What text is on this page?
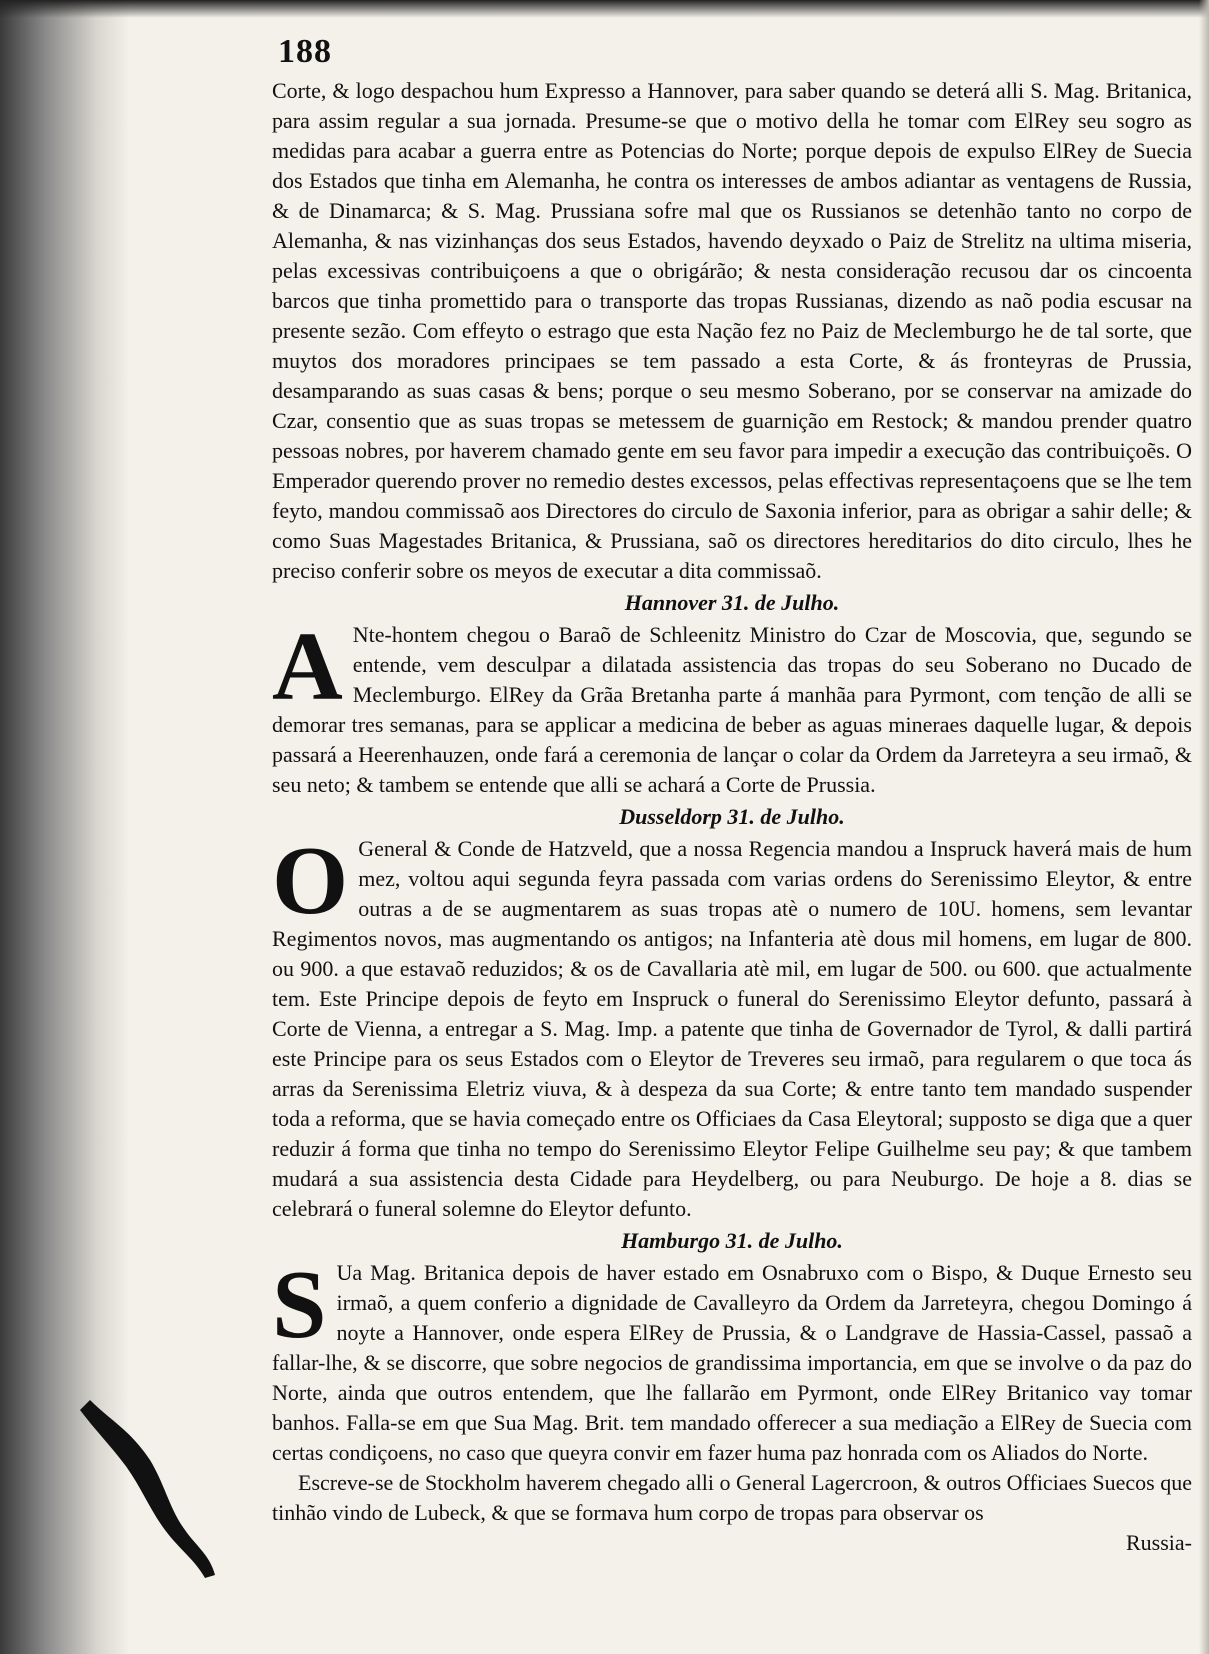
188

Corte, & logo despachou hum Expresso a Hannover, para saber quando se deterá alli S. Mag. Britanica, para assim regular a sua jornada. Presume-se que o motivo della he tomar com ElRey seu sogro as medidas para acabar a guerra entre as Potencias do Norte; porque depois de expulso ElRey de Suecia dos Estados que tinha em Alemanha, he contra os interesses de ambos adiantar as ventagens de Russia, & de Dinamarca; & S. Mag. Prussiana sofre mal que os Russianos se detenhão tanto no corpo de Alemanha, & nas vizinhanças dos seus Estados, havendo deyxado o Paiz de Strelitz na ultima miseria, pelas excessivas contribuiçoens a que o obrigárão; & nesta consideração recusou dar os cincoenta barcos que tinha promettido para o transporte das tropas Russianas, dizendo as naõ podia escusar na presente sezão. Com effeyto o estrago que esta Nação fez no Paiz de Meclemburgo he de tal sorte, que muytos dos moradores principaes se tem passado a esta Corte, & ás fronteyras de Prussia, desamparando as suas casas & bens; porque o seu mesmo Soberano, por se conservar na amizade do Czar, consentio que as suas tropas se metessem de guarnição em Restock; & mandou prender quatro pessoas nobres, por haverem chamado gente em seu favor para impedir a execução das contribuiçoẽs. O Emperador querendo prover no remedio destes excessos, pelas effectivas representaçoens que se lhe tem feyto, mandou commissaõ aos Directores do circulo de Saxonia inferior, para as obrigar a sahir delle; & como Suas Magestades Britanica, & Prussiana, saõ os directores hereditarios do dito circulo, lhes he preciso conferir sobre os meyos de executar a dita commissaõ.

Hannover 31. de Julho.

A Nte-hontem chegou o Baraõ de Schleenitz Ministro do Czar de Moscovia, que, segundo se entende, vem desculpar a dilatada assistencia das tropas do seu Soberano no Ducado de Meclemburgo. ElRey da Grãa Bretanha parte á manhãa para Pyrmont, com tenção de alli se demorar tres semanas, para se applicar a medicina de beber as aguas mineraes daquelle lugar, & depois passará a Heerenhauzen, onde fará a ceremonia de lançar o colar da Ordem da Jarreteyra a seu irmaõ, & seu neto; & tambem se entende que alli se achará a Corte de Prussia.

Dusseldorp 31. de Julho.

O General & Conde de Hatzveld, que a nossa Regencia mandou a Inspruck haverá mais de hum mez, voltou aqui segunda feyra passada com varias ordens do Serenissimo Eleytor, & entre outras a de se augmentarem as suas tropas atè o numero de 10U. homens, sem levantar Regimentos novos, mas augmentando os antigos; na Infanteria atè dous mil homens, em lugar de 800. ou 900. a que estavaõ reduzidos; & os de Cavallaria atè mil, em lugar de 500. ou 600. que actualmente tem. Este Principe depois de feyto em Inspruck o funeral do Serenissimo Eleytor defunto, passará à Corte de Vienna, a entregar a S. Mag. Imp. a patente que tinha de Governador de Tyrol, & dalli partirá este Principe para os seus Estados com o Eleytor de Treveres seu irmaõ, para regularem o que toca ás arras da Serenissima Eletriz viuva, & à despeza da sua Corte; & entre tanto tem mandado suspender toda a reforma, que se havia começado entre os Officiaes da Casa Eleytoral; supposto se diga que a quer reduzir á forma que tinha no tempo do Serenissimo Eleytor Felipe Guilhelme seu pay; & que tambem mudará a sua assistencia desta Cidade para Heydelberg, ou para Neuburgo. De hoje a 8. dias se celebrará o funeral solemne do Eleytor defunto.

Hamburgo 31. de Julho.

S Ua Mag. Britanica depois de haver estado em Osnabruxo com o Bispo, & Duque Ernesto seu irmaõ, a quem conferio a dignidade de Cavalleyro da Ordem da Jarreteyra, chegou Domingo á noyte a Hannover, onde espera ElRey de Prussia, & o Landgrave de Hassia-Cassel, passaõ a fallar-lhe, & se discorre, que sobre negocios de grandissima importancia, em que se involve o da paz do Norte, ainda que outros entendem, que lhe fallarão em Pyrmont, onde ElRey Britanico vay tomar banhos. Falla-se em que Sua Mag. Brit. tem mandado offerecer a sua mediação a ElRey de Suecia com certas condiçoens, no caso que queyra convir em fazer huma paz honrada com os Aliados do Norte.

Escreve-se de Stockholm haverem chegado alli o General Lagercroon, & outros Officiaes Suecos que tinhão vindo de Lubeck, & que se formava hum corpo de tropas para observar os

Russia-
